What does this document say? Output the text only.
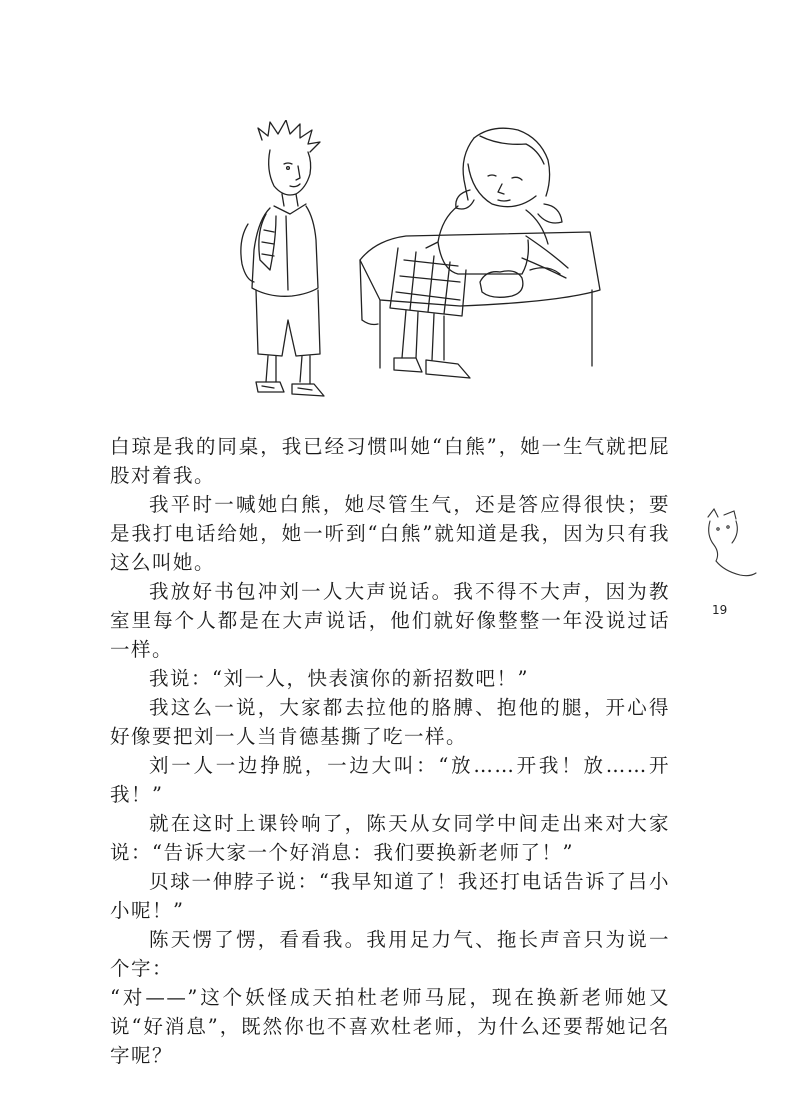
白琼是我的同桌，我已经习惯叫她“白熊”，她一生气就把屁股对着我。

我平时一喊她白熊，她尽管生气，还是答应得很快；要是我打电话给她，她一听到“白熊”就知道是我，因为只有我这么叫她。

我放好书包冲刘一人大声说话。我不得不大声，因为教室里每个人都是在大声说话，他们就好像整整一年没说过话一样。

我说：“刘一人，快表演你的新招数吧！”

我这么一说，大家都去拉他的胳膊、抱他的腿，开心得好像要把刘一人当肯德基撕了吃一样。

刘一人一边挣脱，一边大叫：“放……开我！放……开我！”

就在这时上课铃响了，陈天从女同学中间走出来对大家说：“告诉大家一个好消息：我们要换新老师了！”

贝球一伸脖子说：“我早知道了！我还打电话告诉了吕小小呢！”

陈天愣了愣，看看我。我用足力气、拖长声音只为说一个字：

“对——”这个妖怪成天拍杜老师马屁，现在换新老师她又说“好消息”，既然你也不喜欢杜老师，为什么还要帮她记名字呢？

19
